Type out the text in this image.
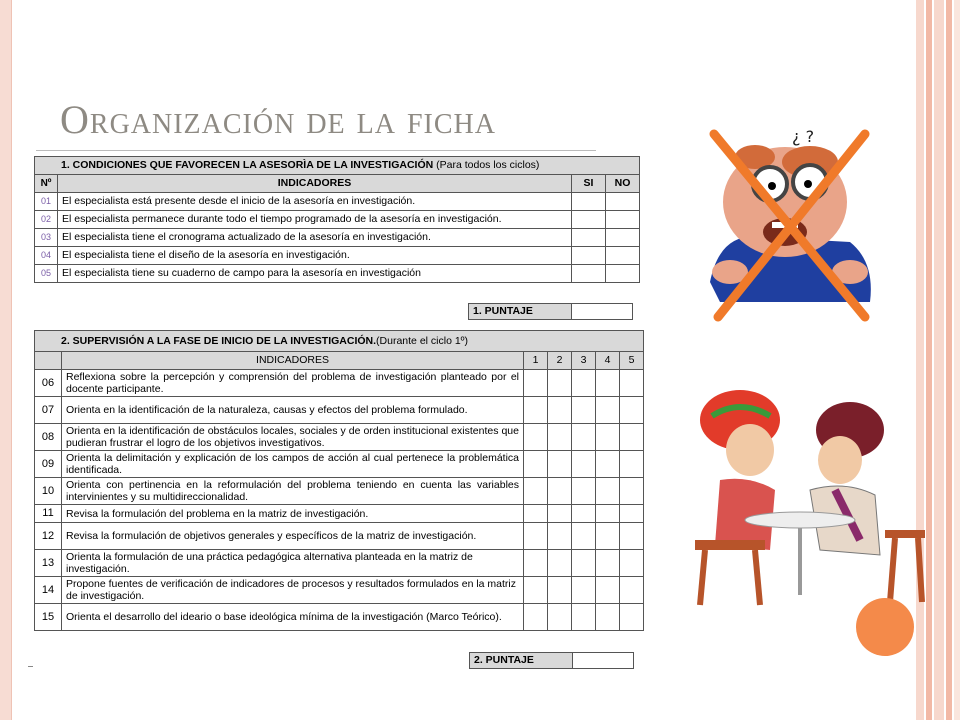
Organización de la ficha
1. CONDICIONES QUE FAVORECEN LA ASESORÌA DE LA INVESTIGACIÓN (Para todos los ciclos)			
Nº	INDICADORES	SI	NO
01	El especialista está presente desde el inicio de la asesoría en investigación.		
02	El especialista permanece durante todo el tiempo programado de la asesoría en investigación.		
03	El especialista tiene el cronograma actualizado de la asesoría en investigación.		
04	El especialista tiene el diseño de la asesoría en investigación.		
05	El especialista tiene su cuaderno de campo para la asesoría en investigación		
1. PUNTAJE	
2. SUPERVISIÓN A LA FASE DE INICIO DE LA INVESTIGACIÓN.(Durante el ciclo 1º)						
	INDICADORES	1	2	3	4	5
06	Reflexiona sobre la percepción y comprensión del problema de investigación planteado por el docente participante.					
07	Orienta en la identificación de la naturaleza, causas y efectos del problema formulado.					
08	Orienta en la identificación de obstáculos locales, sociales y de orden institucional existentes que pudieran frustrar el logro de los objetivos investigativos.					
09	Orienta la delimitación y explicación de los campos de acción al cual pertenece la problemática identificada.					
10	Orienta con pertinencia en la reformulación del problema teniendo en cuenta las variables intervinientes y su multidireccionalidad.					
11	Revisa la formulación del problema en la matriz de investigación.					
12	Revisa la formulación de objetivos generales y específicos de la matriz de investigación.					
13	Orienta la formulación de una práctica pedagógica alternativa planteada en la matriz de investigación.					
14	Propone fuentes de verificación de indicadores de procesos y resultados formulados en la matriz de investigación.					
15	Orienta el desarrollo del ideario o base ideológica mínima de la investigación (Marco Teórico).					
2. PUNTAJE	
¿ ?
